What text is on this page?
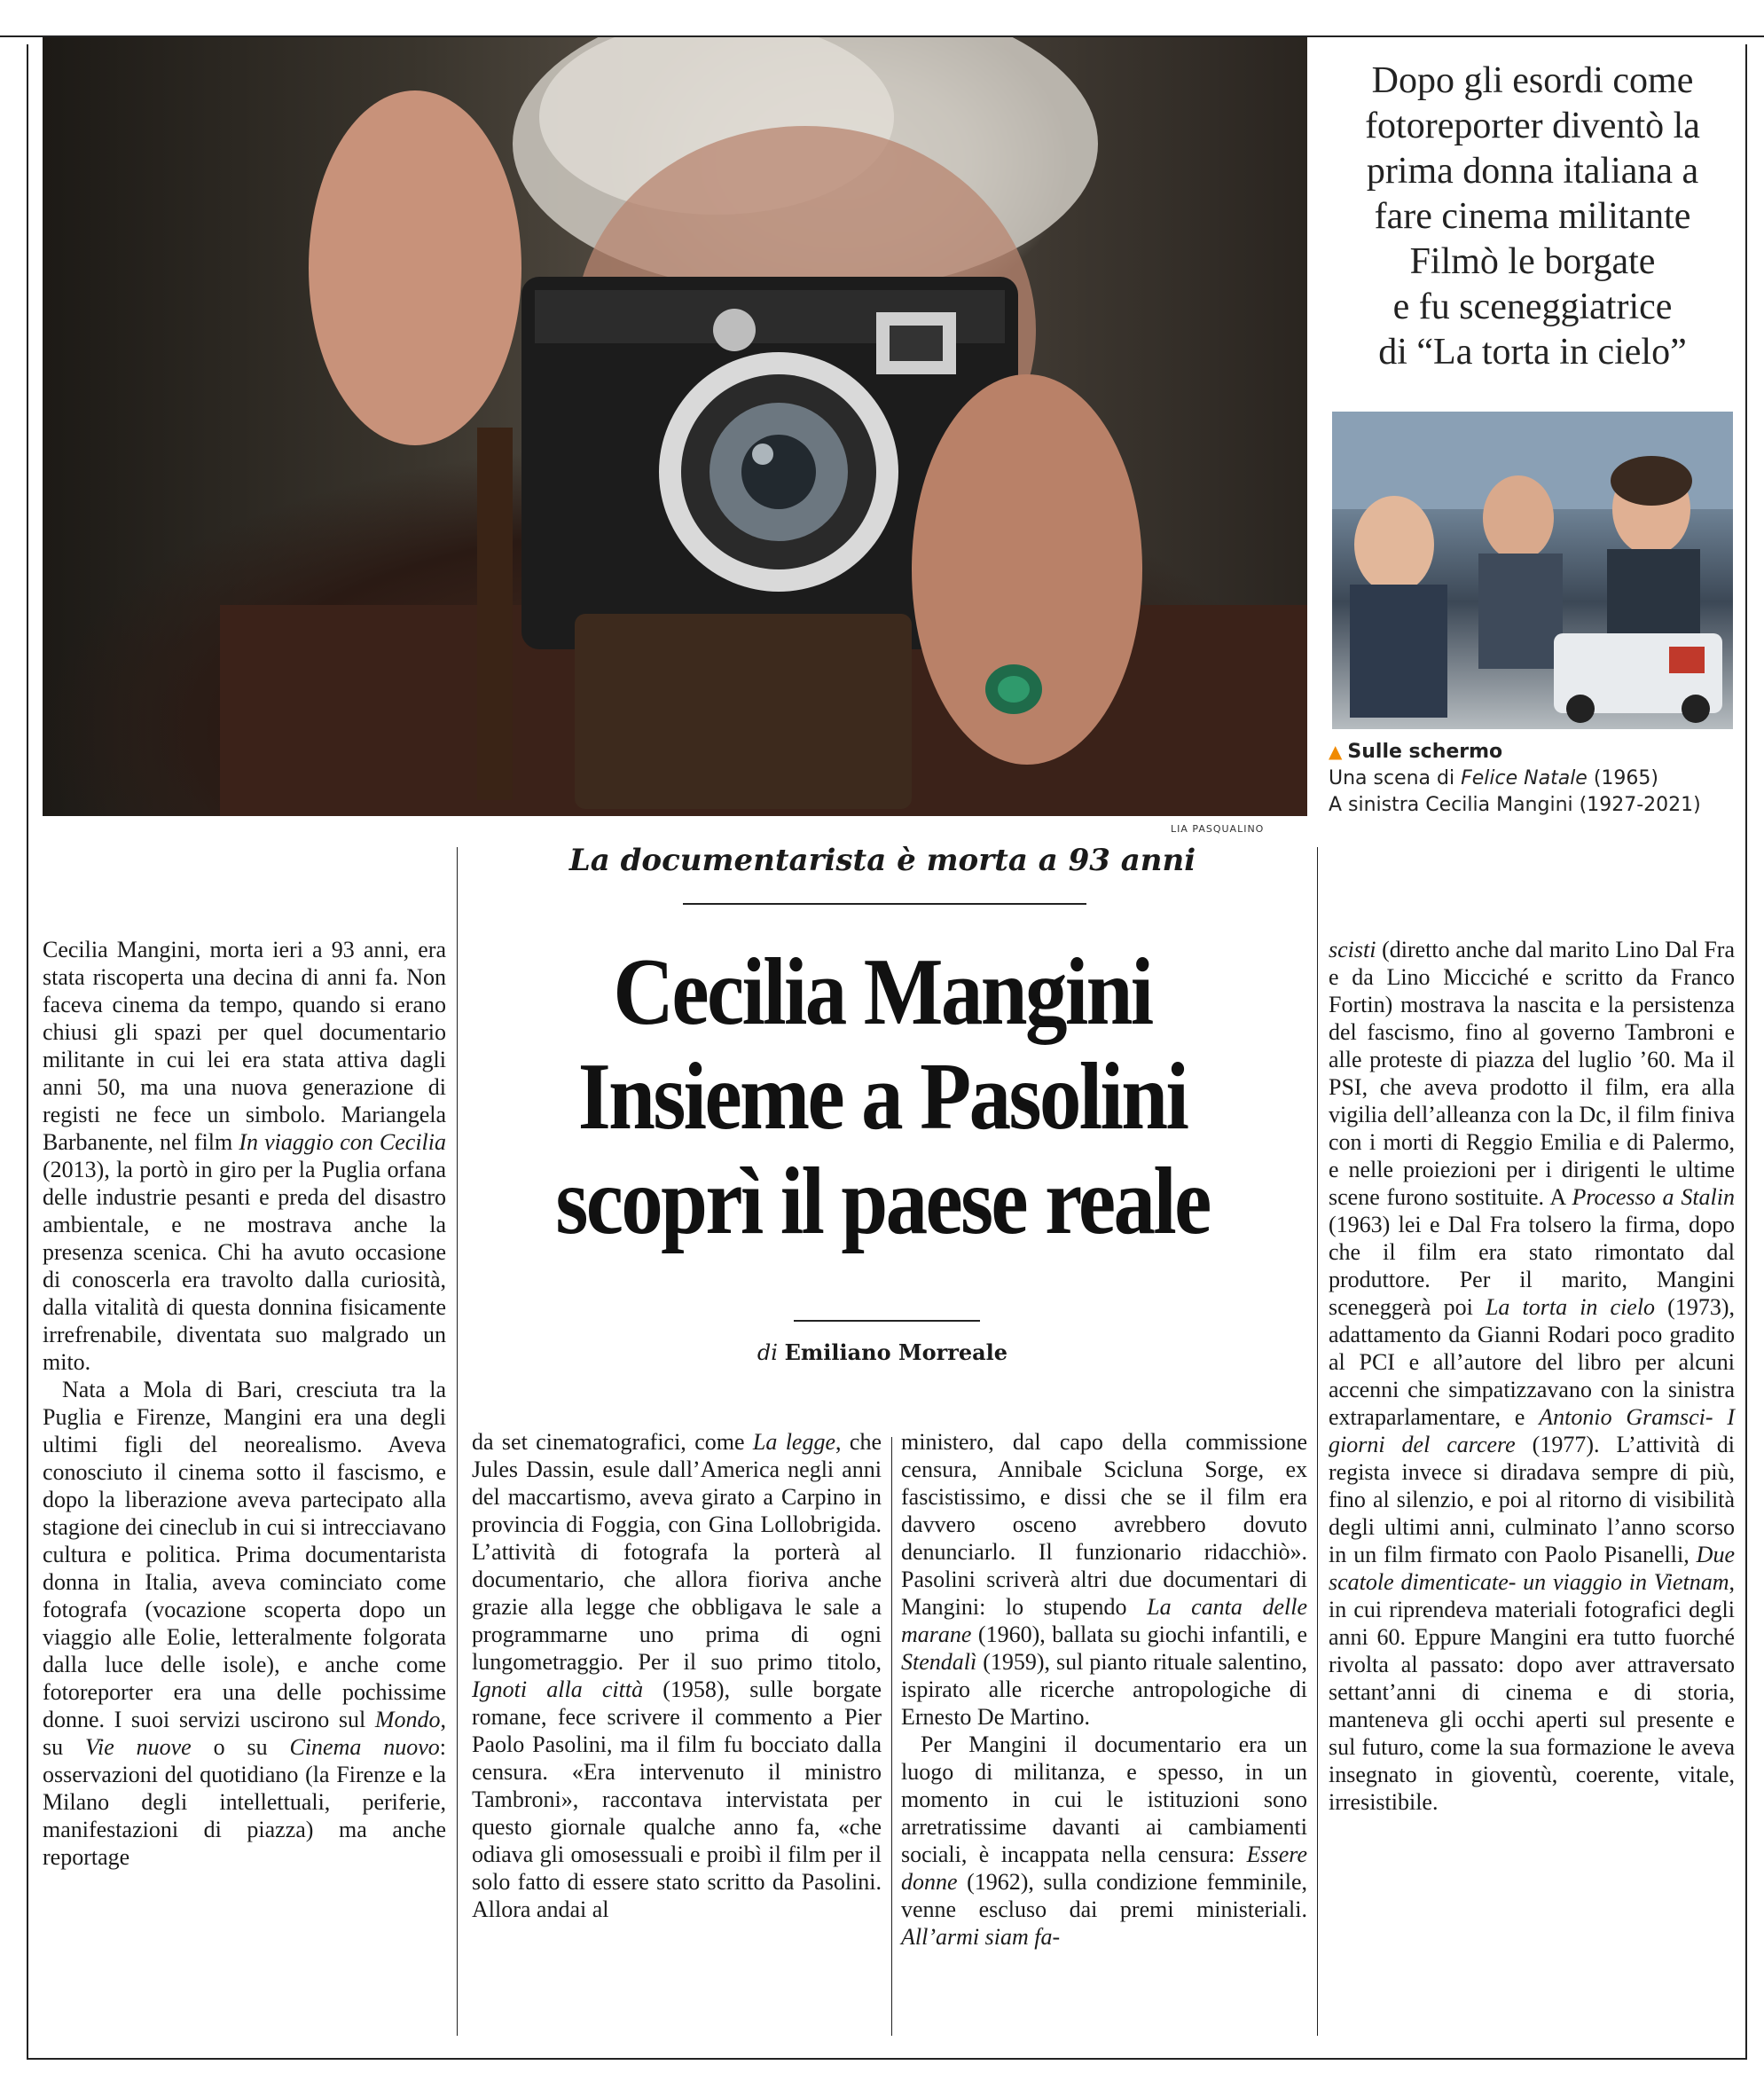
LIA PASQUALINO
Dopo gli esordi come
fotoreporter diventò la
prima donna italiana a
fare cinema militante
Filmò le borgate
e fu sceneggiatrice
di “La torta in cielo”
▲ Sulle schermo
Una scena di Felice Natale (1965)
A sinistra Cecilia Mangini (1927-2021)
La documentarista è morta a 93 anni
Cecilia Mangini
Insieme a Pasolini
scoprì il paese reale
di Emiliano Morreale

Cecilia Mangini, morta ieri a 93 anni, era stata riscoperta una decina di anni fa. Non faceva cinema da tempo, quando si erano chiusi gli spazi per quel documentario militante in cui lei era stata attiva dagli anni 50, ma una nuova generazione di registi ne fece un simbolo. Mariangela Barbanente, nel film In viaggio con Cecilia (2013), la portò in giro per la Puglia orfana delle industrie pesanti e preda del disastro ambientale, e ne mostrava anche la presenza scenica. Chi ha avuto occasione di conoscerla era travolto dalla curiosità, dalla vitalità di questa donnina fisicamente irrefrenabile, diventata suo malgrado un mito.

Nata a Mola di Bari, cresciuta tra la Puglia e Firenze, Mangini era una degli ultimi figli del neorealismo. Aveva conosciuto il cinema sotto il fascismo, e dopo la liberazione aveva partecipato alla stagione dei cineclub in cui si intrecciavano cultura e politica. Prima documentarista donna in Italia, aveva cominciato come fotografa (vocazione scoperta dopo un viaggio alle Eolie, letteralmente folgorata dalla luce delle isole), e anche come fotoreporter era una delle pochissime donne. I suoi servizi uscirono sul Mondo, su Vie nuove o su Cinema nuovo: osservazioni del quotidiano (la Firenze e la Milano degli intellettuali, periferie, manifestazioni di piazza) ma anche reportage

da set cinematografici, come La legge, che Jules Dassin, esule dall’America negli anni del maccartismo, aveva girato a Carpino in provincia di Foggia, con Gina Lollobrigida. L’attività di fotografa la porterà al documentario, che allora fioriva anche grazie alla legge che obbligava le sale a programmarne uno prima di ogni lungometraggio. Per il suo primo titolo, Ignoti alla città (1958), sulle borgate romane, fece scrivere il commento a Pier Paolo Pasolini, ma il film fu bocciato dalla censura. «Era intervenuto il ministro Tambroni», raccontava intervistata per questo giornale qualche anno fa, «che odiava gli omosessuali e proibì il film per il solo fatto di essere stato scritto da Pasolini. Allora andai al

ministero, dal capo della commissione censura, Annibale Scicluna Sorge, ex fascistissimo, e dissi che se il film era davvero osceno avrebbero dovuto denunciarlo. Il funzionario ridacchiò». Pasolini scriverà altri due documentari di Mangini: lo stupendo La canta delle marane (1960), ballata su giochi infantili, e Stendalì (1959), sul pianto rituale salentino, ispirato alle ricerche antropologiche di Ernesto De Martino.

Per Mangini il documentario era un luogo di militanza, e spesso, in un momento in cui le istituzioni sono arretratissime davanti ai cambiamenti sociali, è incappata nella censura: Essere donne (1962), sulla condizione femminile, venne escluso dai premi ministeriali. All’armi siam fa-

scisti (diretto anche dal marito Lino Dal Fra e da Lino Micciché e scritto da Franco Fortin) mostrava la nascita e la persistenza del fascismo, fino al governo Tambroni e alle proteste di piazza del luglio ’60. Ma il PSI, che aveva prodotto il film, era alla vigilia dell’alleanza con la Dc, il film finiva con i morti di Reggio Emilia e di Palermo, e nelle proiezioni per i dirigenti le ultime scene furono sostituite. A Processo a Stalin (1963) lei e Dal Fra tolsero la firma, dopo che il film era stato rimontato dal produttore. Per il marito, Mangini sceneggerà poi La torta in cielo (1973), adattamento da Gianni Rodari poco gradito al PCI e all’autore del libro per alcuni accenni che simpatizzavano con la sinistra extraparlamentare, e Antonio Gramsci- I giorni del carcere (1977). L’attività di regista invece si diradava sempre di più, fino al silenzio, e poi al ritorno di visibilità degli ultimi anni, culminato l’anno scorso in un film firmato con Paolo Pisanelli, Due scatole dimenticate- un viaggio in Vietnam, in cui riprendeva materiali fotografici degli anni 60. Eppure Mangini era tutto fuorché rivolta al passato: dopo aver attraversato settant’anni di cinema e di storia, manteneva gli occhi aperti sul presente e sul futuro, come la sua formazione le aveva insegnato in gioventù, coerente, vitale, irresistibile.
